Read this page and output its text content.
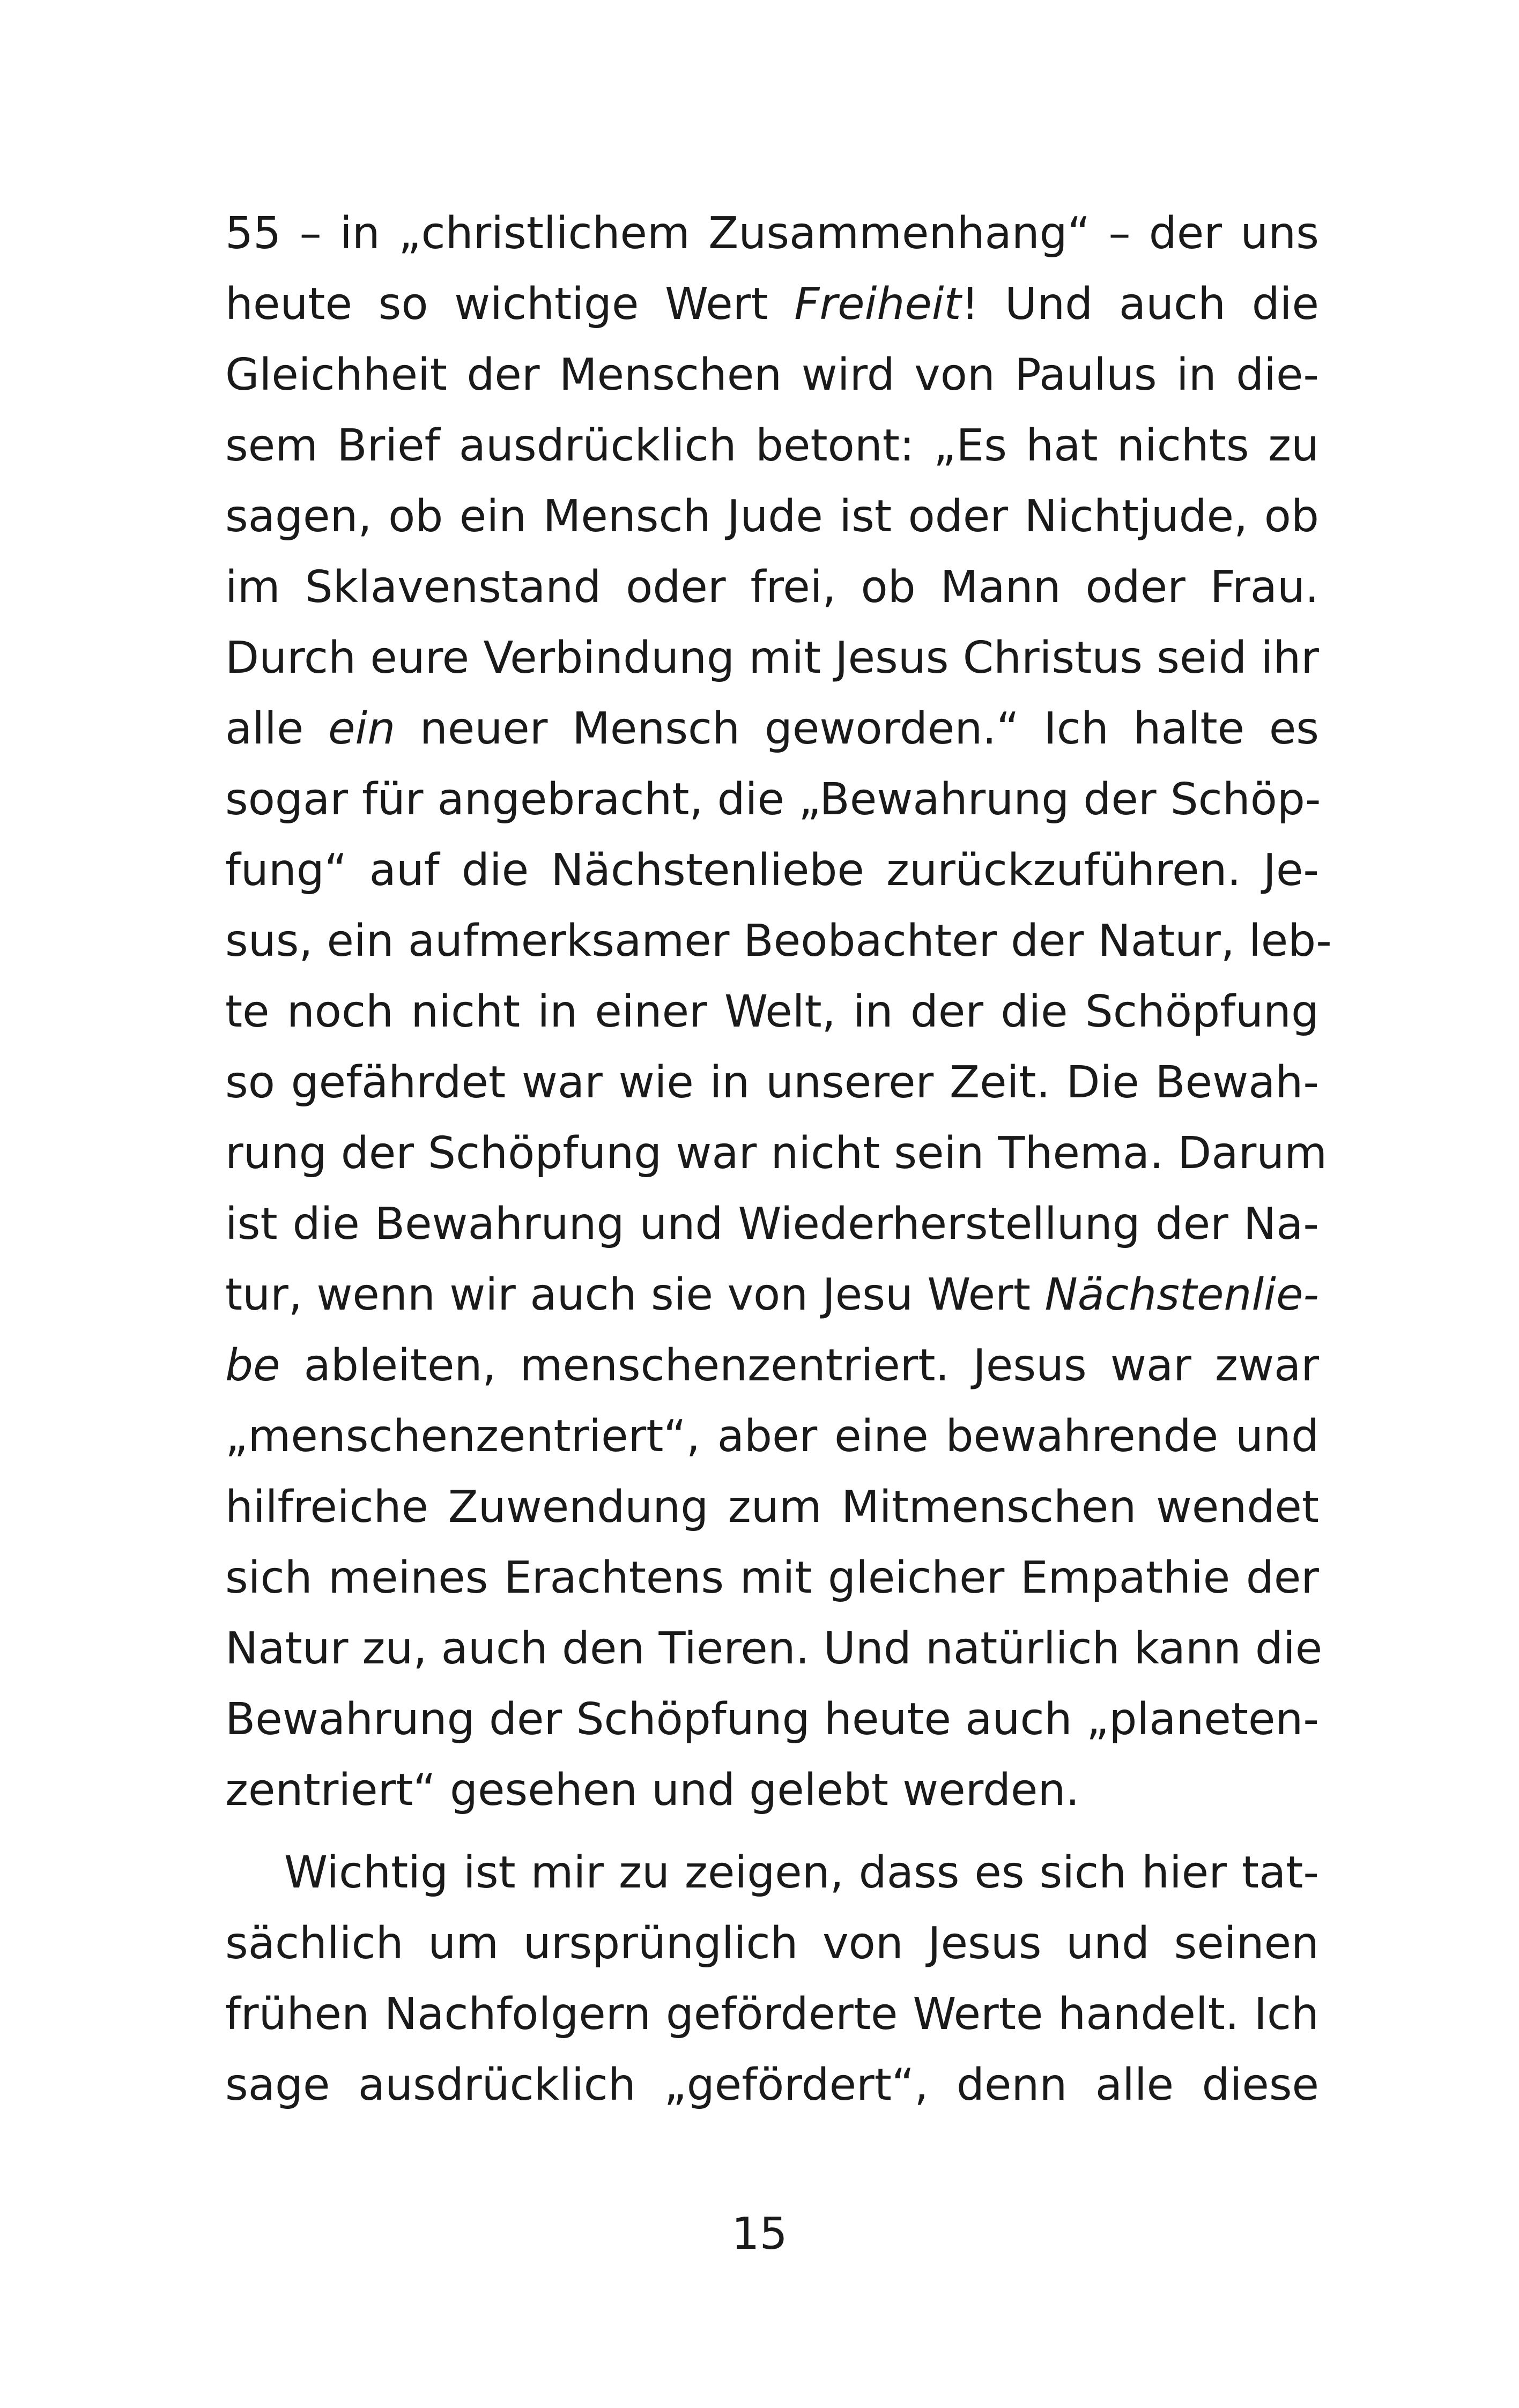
55 – in „christlichem Zusammenhang“ – der uns
heute so wichtige Wert Freiheit! Und auch die
Gleichheit der Menschen wird von Paulus in die-
sem Brief ausdrücklich betont: „Es hat nichts zu
sagen, ob ein Mensch Jude ist oder Nichtjude, ob
im Sklavenstand oder frei, ob Mann oder Frau.
Durch eure Verbindung mit Jesus Christus seid ihr
alle ein neuer Mensch geworden.“ Ich halte es
sogar für angebracht, die „Bewahrung der Schöp-
fung“ auf die Nächstenliebe zurückzuführen. Je-
sus, ein aufmerksamer Beobachter der Natur, leb-
te noch nicht in einer Welt, in der die Schöpfung
so gefährdet war wie in unserer Zeit. Die Bewah-
rung der Schöpfung war nicht sein Thema. Darum
ist die Bewahrung und Wiederherstellung der Na-
tur, wenn wir auch sie von Jesu Wert Nächstenlie-
be ableiten, menschenzentriert. Jesus war zwar
„menschenzentriert“, aber eine bewahrende und
hilfreiche Zuwendung zum Mitmenschen wendet
sich meines Erachtens mit gleicher Empathie der
Natur zu, auch den Tieren. Und natürlich kann die
Bewahrung der Schöpfung heute auch „planeten-
zentriert“ gesehen und gelebt werden.
Wichtig ist mir zu zeigen, dass es sich hier tat-
sächlich um ursprünglich von Jesus und seinen
frühen Nachfolgern geförderte Werte handelt. Ich
sage ausdrücklich „gefördert“, denn alle diese
15
